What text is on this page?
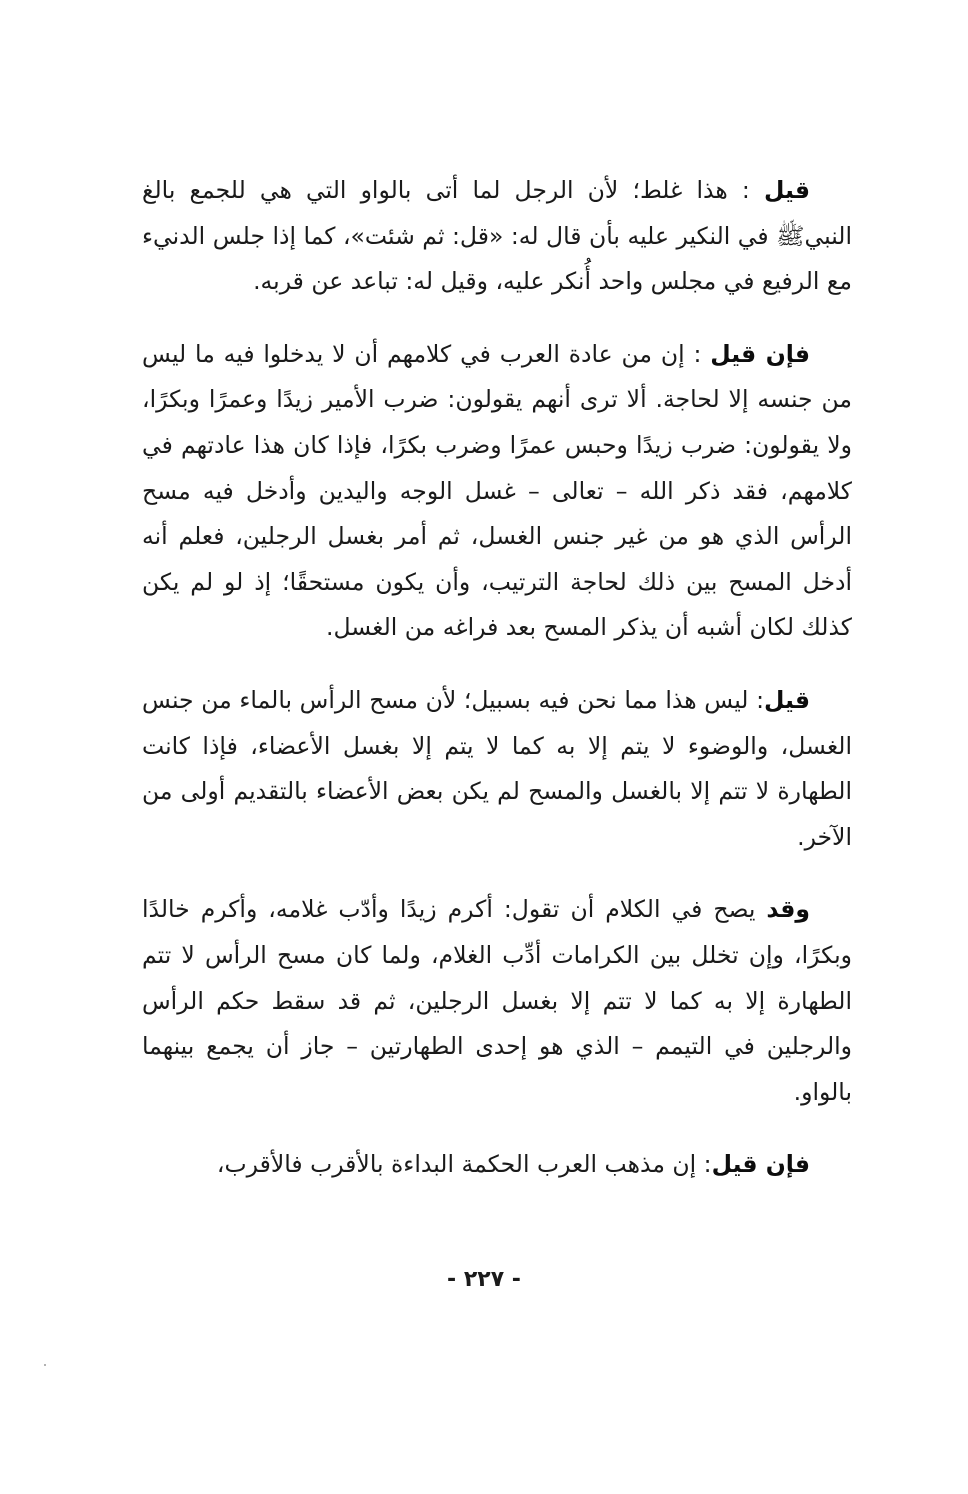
قيل : هذا غلط؛ لأن الرجل لما أتى بالواو التي هي للجمع بالغ النبيﷺ في النكير عليه بأن قال له: «قل: ثم شئت»، كما إذا جلس الدنيء مع الرفيع في مجلس واحد أُنكر عليه، وقيل له: تباعد عن قربه.

فإن قيل : إن من عادة العرب في كلامهم أن لا يدخلوا فيه ما ليس من جنسه إلا لحاجة. ألا ترى أنهم يقولون: ضرب الأمير زيدًا وعمرًا وبكرًا، ولا يقولون: ضرب زيدًا وحبس عمرًا وضرب بكرًا، فإذا كان هذا عادتهم في كلامهم، فقد ذكر الله – تعالى – غسل الوجه واليدين وأدخل فيه مسح الرأس الذي هو من غير جنس الغسل، ثم أمر بغسل الرجلين، فعلم أنه أدخل المسح بين ذلك لحاجة الترتيب، وأن يكون مستحقًا؛ إذ لو لم يكن كذلك لكان أشبه أن يذكر المسح بعد فراغه من الغسل.

قيل: ليس هذا مما نحن فيه بسبيل؛ لأن مسح الرأس بالماء من جنس الغسل، والوضوء لا يتم إلا به كما لا يتم إلا بغسل الأعضاء، فإذا كانت الطهارة لا تتم إلا بالغسل والمسح لم يكن بعض الأعضاء بالتقديم أولى من الآخر.

وقد يصح في الكلام أن تقول: أكرم زيدًا وأدّب غلامه، وأكرم خالدًا وبكرًا، وإن تخلل بين الكرامات أدِّب الغلام، ولما كان مسح الرأس لا تتم الطهارة إلا به كما لا تتم إلا بغسل الرجلين، ثم قد سقط حكم الرأس والرجلين في التيمم – الذي هو إحدى الطهارتين – جاز أن يجمع بينهما بالواو.

فإن قيل: إن مذهب العرب الحكمة البداءة بالأقرب فالأقرب،

- ٢٢٧ -
